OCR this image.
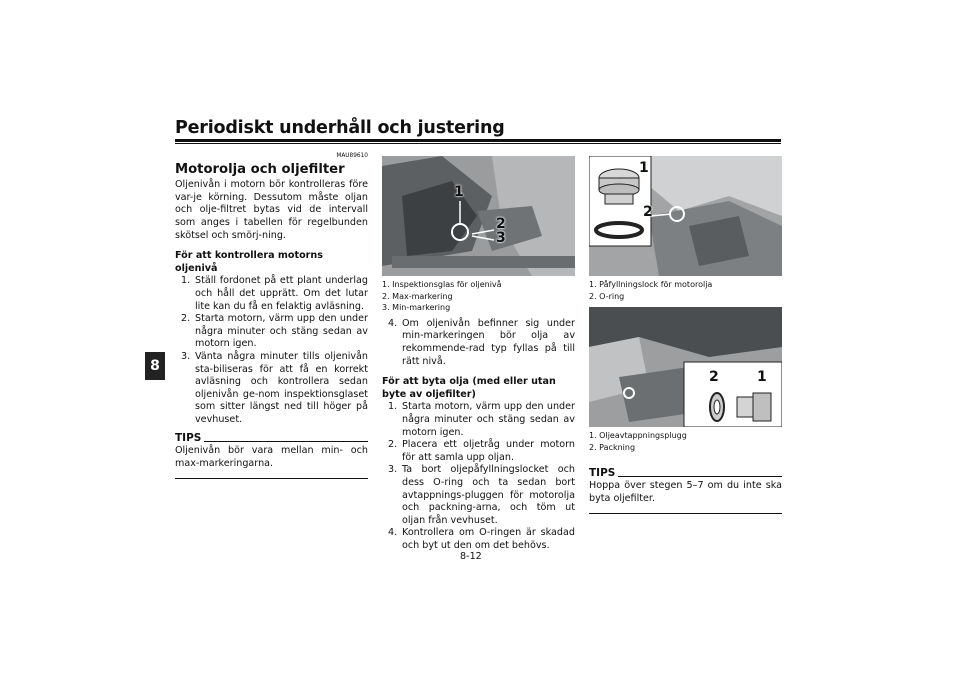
Periodiskt underhåll och justering
8
MAU89610
Motorolja och oljefilter

Oljenivån i motorn bör kontrolleras före var-je körning. Dessutom måste oljan och olje-filtret bytas vid de intervall som anges i tabellen för regelbunden skötsel och smörj-ning.

För att kontrollera motorns oljenivå
1. Ställ fordonet på ett plant underlag och håll det upprätt. Om det lutar lite kan du få en felaktig avläsning.
2. Starta motorn, värm upp den under några minuter och stäng sedan av motorn igen.
3. Vänta några minuter tills oljenivån sta-biliseras för att få en korrekt avläsning och kontrollera sedan oljenivån ge-nom inspektionsglaset som sitter längst ned till höger på vevhuset.
TIPS

Oljenivån bör vara mellan min- och max-markeringarna.

1
2
3
1. Inspektionsglas för oljenivå
2. Max-markering
3. Min-markering
4. Om oljenivån befinner sig under min-markeringen bör olja av rekommende-rad typ fyllas på till rätt nivå.
För att byta olja (med eller utan byte av oljefilter)
1. Starta motorn, värm upp den under några minuter och stäng sedan av motorn igen.
2. Placera ett oljetråg under motorn för att samla upp oljan.
3. Ta bort oljepåfyllningslocket och dess O-ring och ta sedan bort avtappnings-pluggen för motorolja och packning-arna, och töm ut oljan från vevhuset.
4. Kontrollera om O-ringen är skadad och byt ut den om det behövs.
1
2
1. Påfyllningslock för motorolja
2. O-ring
2	1
1. Oljeavtappningsplugg
2. Packning
TIPS

Hoppa över stegen 5–7 om du inte ska byta oljefilter.

8-12
